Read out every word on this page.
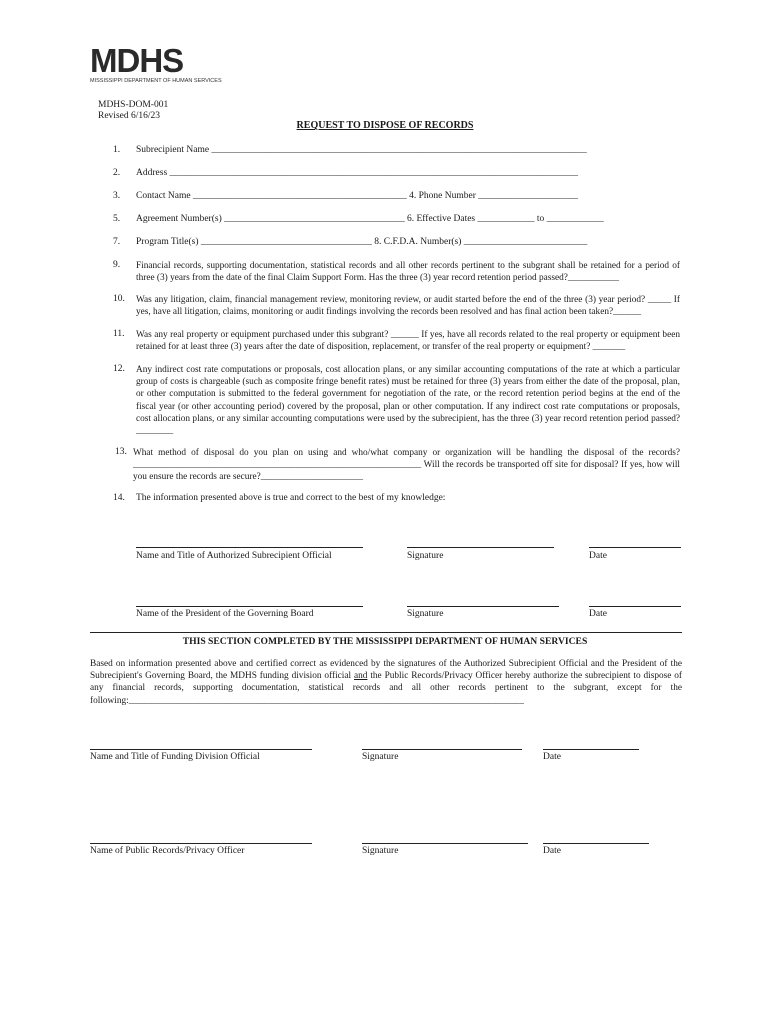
MDHS
MISSISSIPPI DEPARTMENT OF HUMAN SERVICES
MDHS-DOM-001
Revised 6/16/23
REQUEST TO DISPOSE OF RECORDS
1. Subrecipient Name _______________________________________________________________________________
2. Address ______________________________________________________________________________________
3. Contact Name _____________________________________________ 4. Phone Number _____________________
5. Agreement Number(s) ______________________________________ 6. Effective Dates ____________ to ____________
7. Program Title(s) ____________________________________ 8. C.F.D.A. Number(s) __________________________
9. Financial records, supporting documentation, statistical records and all other records pertinent to the subgrant shall be retained for a period of three (3) years from the date of the final Claim Support Form. Has the three (3) year record retention period passed?___________
10. Was any litigation, claim, financial management review, monitoring review, or audit started before the end of the three (3) year period? _____ If yes, have all litigation, claims, monitoring or audit findings involving the records been resolved and has final action been taken?______
11. Was any real property or equipment purchased under this subgrant? ______ If yes, have all records related to the real property or equipment been retained for at least three (3) years after the date of disposition, replacement, or transfer of the real property or equipment? _______
12. Any indirect cost rate computations or proposals, cost allocation plans, or any similar accounting computations of the rate at which a particular group of costs is chargeable (such as composite fringe benefit rates) must be retained for three (3) years from either the date of the proposal, plan, or other computation is submitted to the federal government for negotiation of the rate, or the record retention period begins at the end of the fiscal year (or other accounting period) covered by the proposal, plan or other computation. If any indirect cost rate computations or proposals, cost allocation plans, or any similar accounting computations were used by the subrecipient, has the three (3) year record retention period passed?________
13. What method of disposal do you plan on using and who/what company or organization will be handling the disposal of the records? ______________________________________________________________ Will the records be transported off site for disposal? If yes, how will you ensure the records are secure?______________________
14. The information presented above is true and correct to the best of my knowledge:
Name and Title of Authorized Subrecipient Official	Signature	Date
Name of the President of the Governing Board	Signature	Date
THIS SECTION COMPLETED BY THE MISSISSIPPI DEPARTMENT OF HUMAN SERVICES
Based on information presented above and certified correct as evidenced by the signatures of the Authorized Subrecipient Official and the President of the Subrecipient's Governing Board, the MDHS funding division official and the Public Records/Privacy Officer hereby authorize the subrecipient to dispose of any financial records, supporting documentation, statistical records and all other records pertinent to the subgrant, except for the following:_____________________________________________________________________________________
Name and Title of Funding Division Official	Signature	Date
Name of Public Records/Privacy Officer	Signature	Date
